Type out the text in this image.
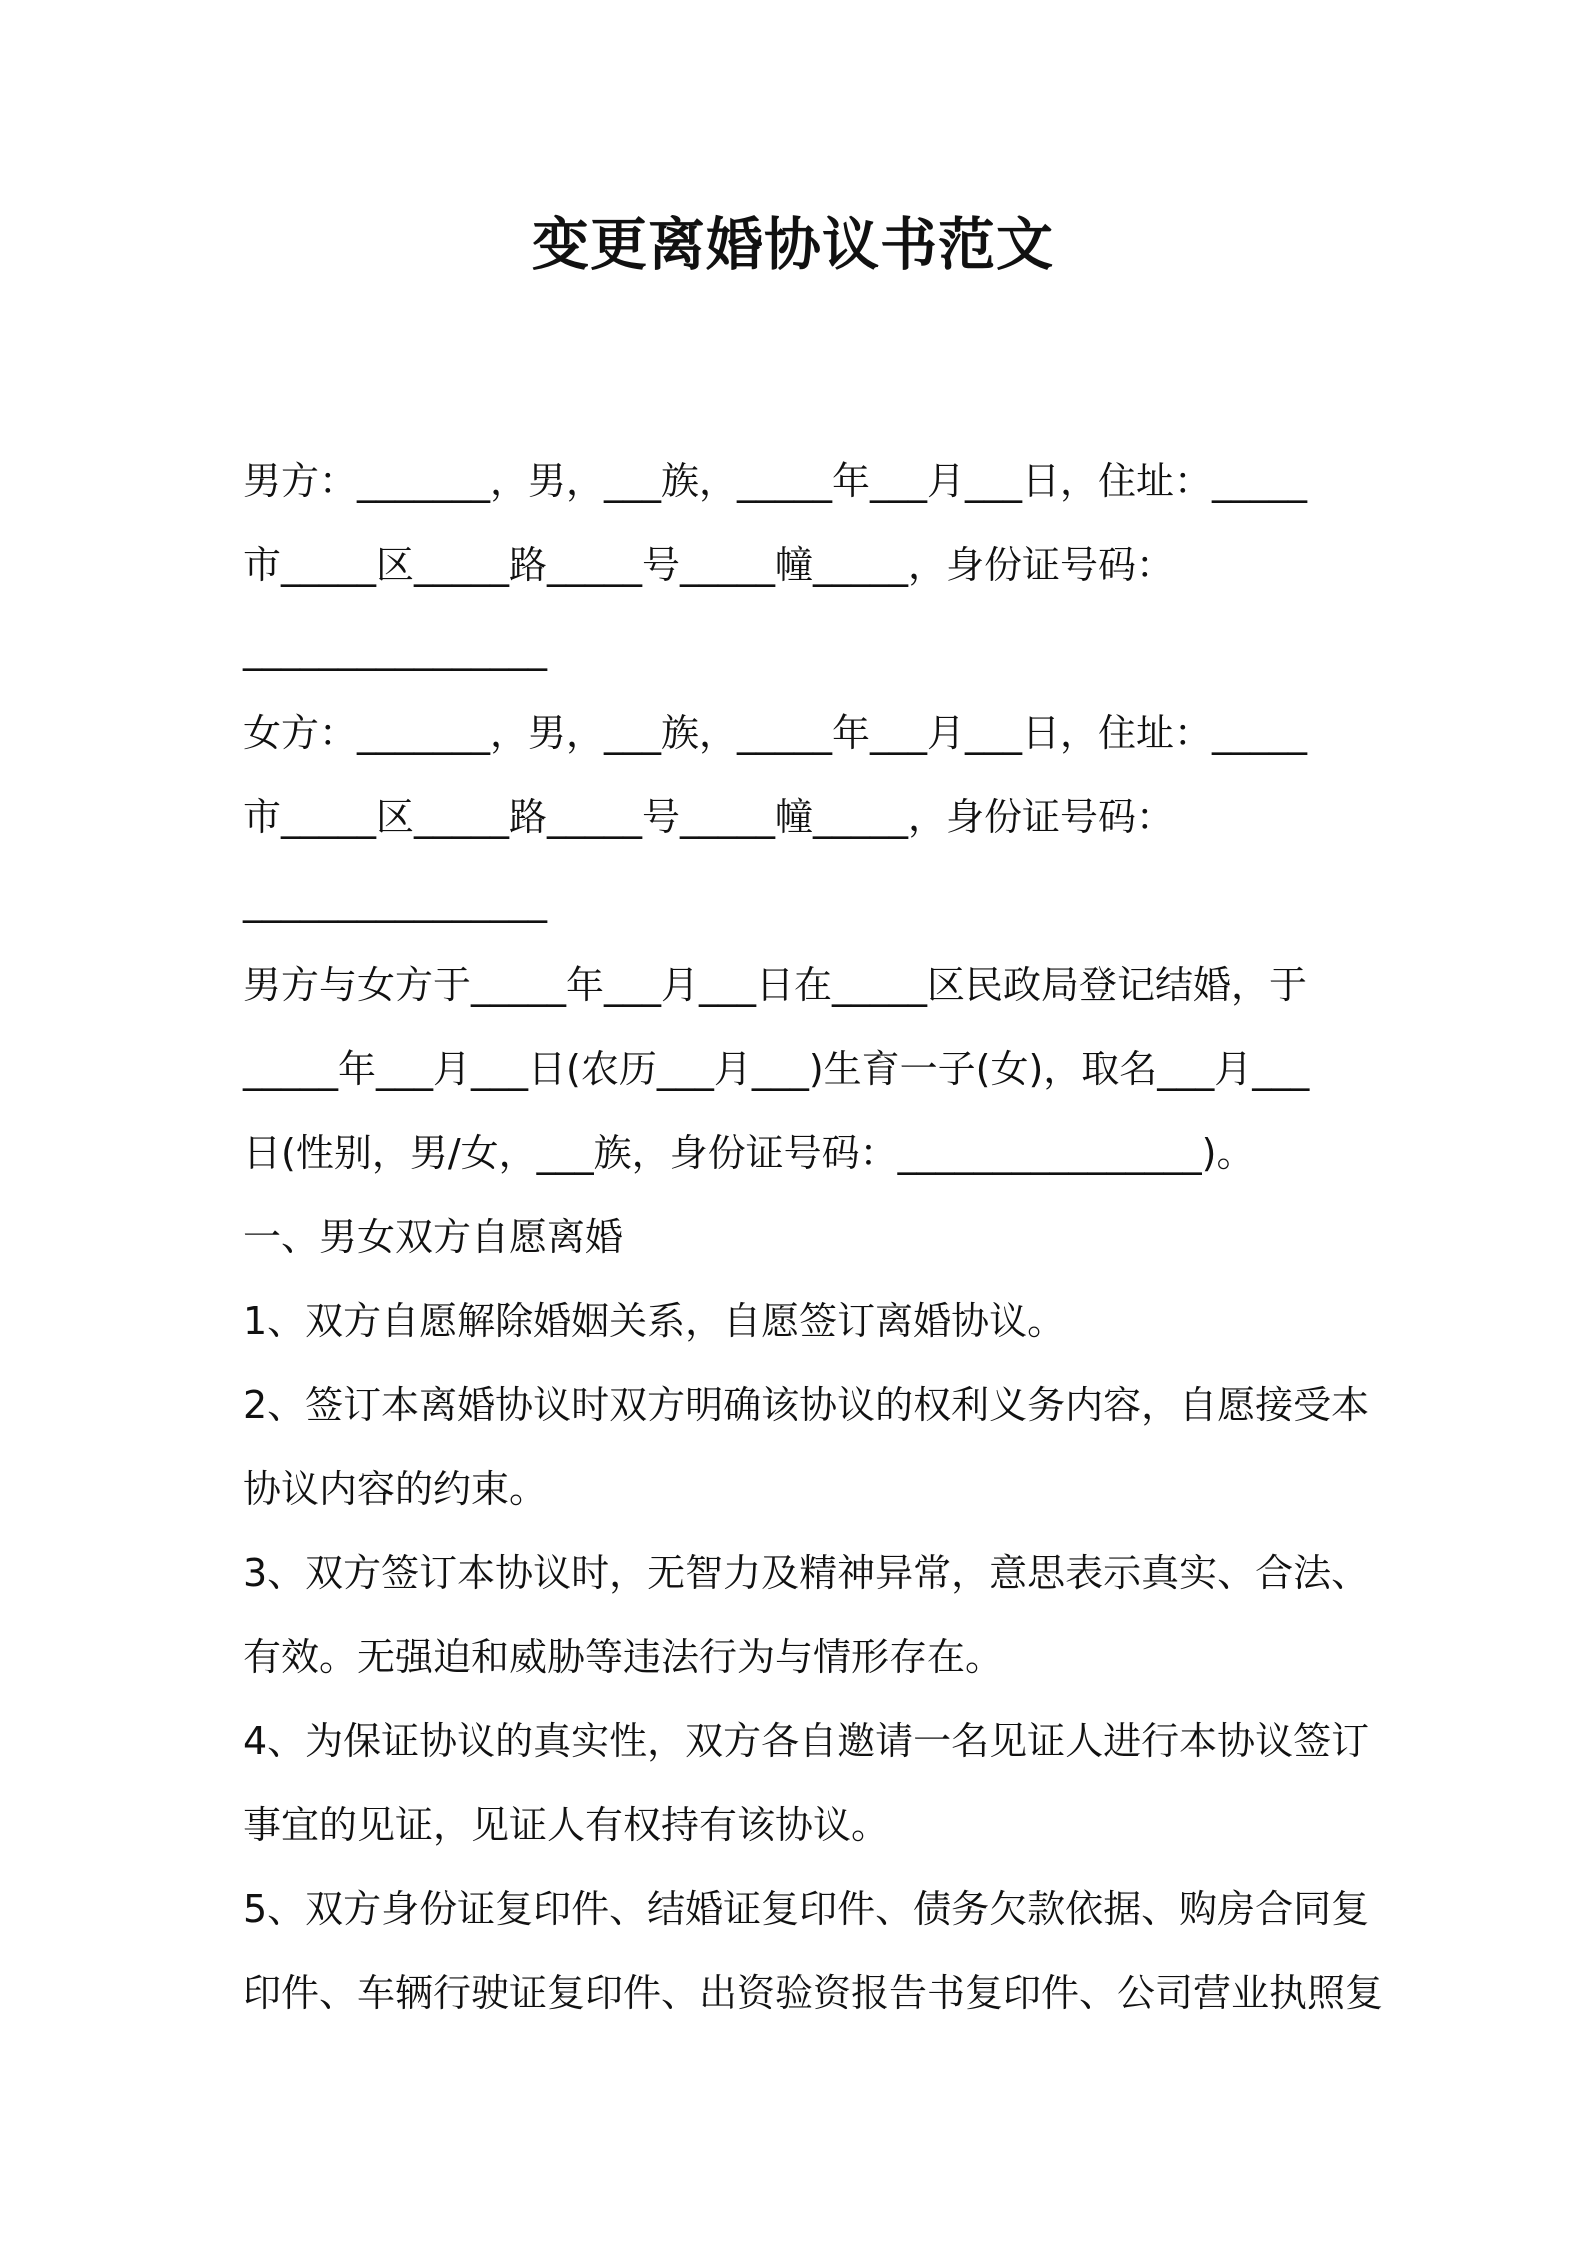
变更离婚协议书范文
男方：_______，男，___族，_____年___月___日，住址：_____
市_____区_____路_____号_____幢_____，身份证号码：
________________
女方：_______，男，___族，_____年___月___日，住址：_____
市_____区_____路_____号_____幢_____，身份证号码：
________________
男方与女方于_____年___月___日在_____区民政局登记结婚，于
_____年___月___日(农历___月___)生育一子(女)，取名___月___
日(性别，男/女，___族，身份证号码：________________)。
一、男女双方自愿离婚
1、双方自愿解除婚姻关系，自愿签订离婚协议。
2、签订本离婚协议时双方明确该协议的权利义务内容，自愿接受本
协议内容的约束。
3、双方签订本协议时，无智力及精神异常，意思表示真实、合法、
有效。无强迫和威胁等违法行为与情形存在。
4、为保证协议的真实性，双方各自邀请一名见证人进行本协议签订
事宜的见证，见证人有权持有该协议。
5、双方身份证复印件、结婚证复印件、债务欠款依据、购房合同复
印件、车辆行驶证复印件、出资验资报告书复印件、公司营业执照复
